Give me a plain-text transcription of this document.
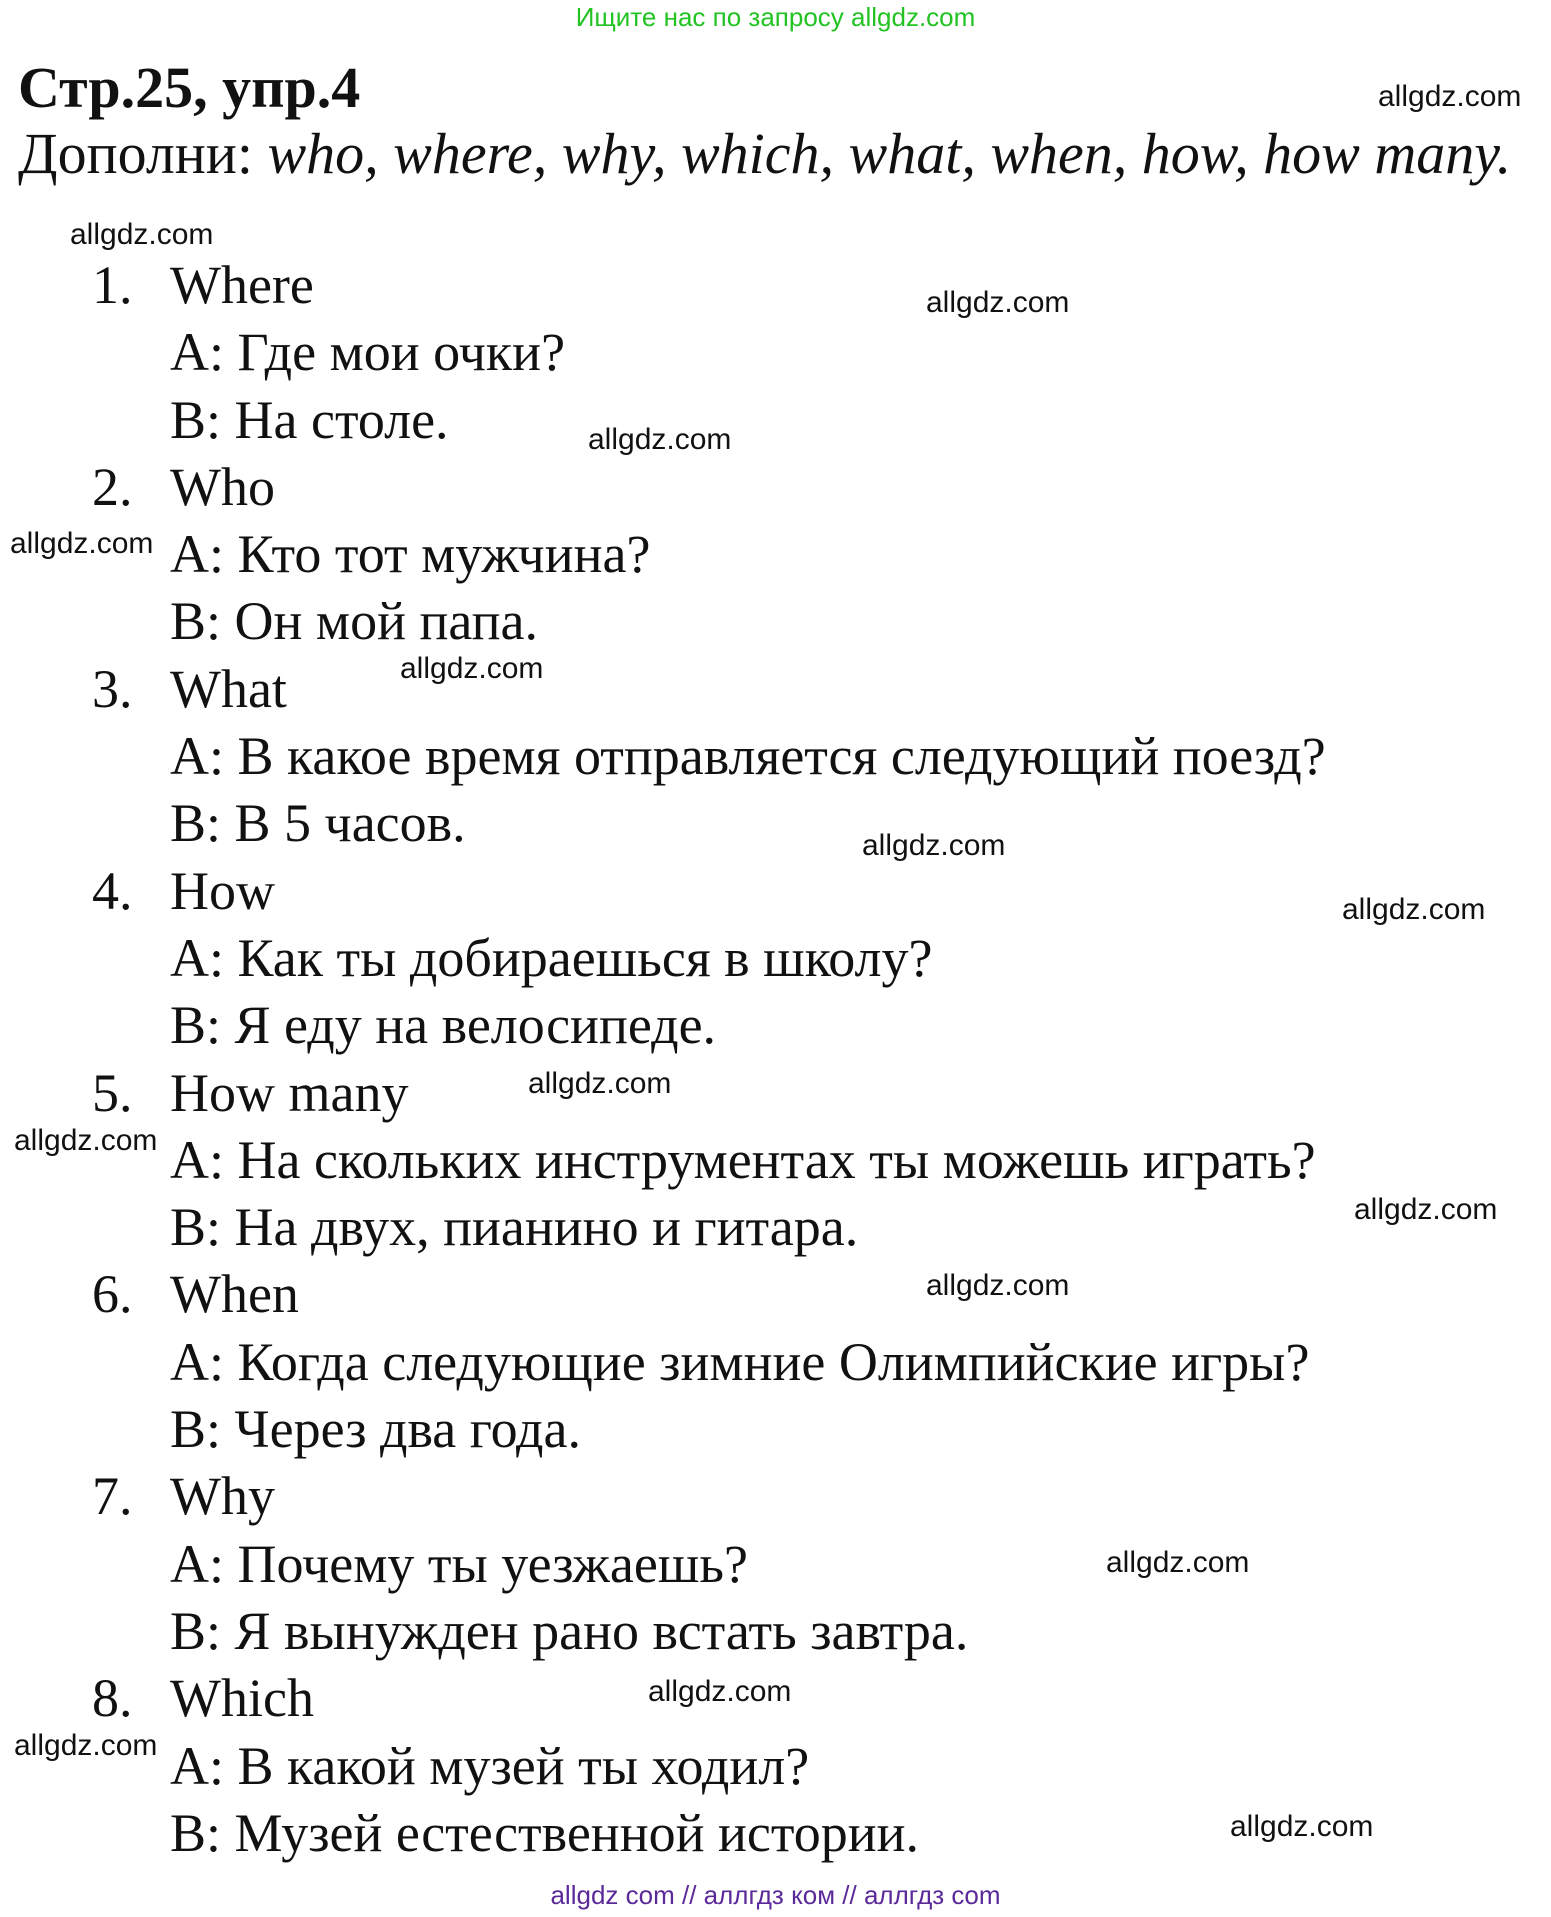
Ищите нас по запросу allgdz.com
Стр.25, упр.4
Дополни: who, where, why, which, what, when, how, how many.
1. Where
А: Где мои очки?
В: На столе.
2. Who
А: Кто тот мужчина?
В: Он мой папа.
3. What
А: В какое время отправляется следующий поезд?
В: В 5 часов.
4. How
А: Как ты добираешься в школу?
В: Я еду на велосипеде.
5. How many
А: На скольких инструментах ты можешь играть?
В: На двух, пианино и гитара.
6. When
А: Когда следующие зимние Олимпийские игры?
В: Через два года.
7. Why
А: Почему ты уезжаешь?
В: Я вынужден рано встать завтра.
8. Which
А: В какой музей ты ходил?
В: Музей естественной истории.
allgdz.com
allgdz.com
allgdz.com
allgdz.com
allgdz.com
allgdz.com
allgdz.com
allgdz.com
allgdz.com
allgdz.com
allgdz.com
allgdz.com
allgdz.com
allgdz.com
allgdz.com
allgdz.com
allgdz com // аллгдз ком // аллгдз com
